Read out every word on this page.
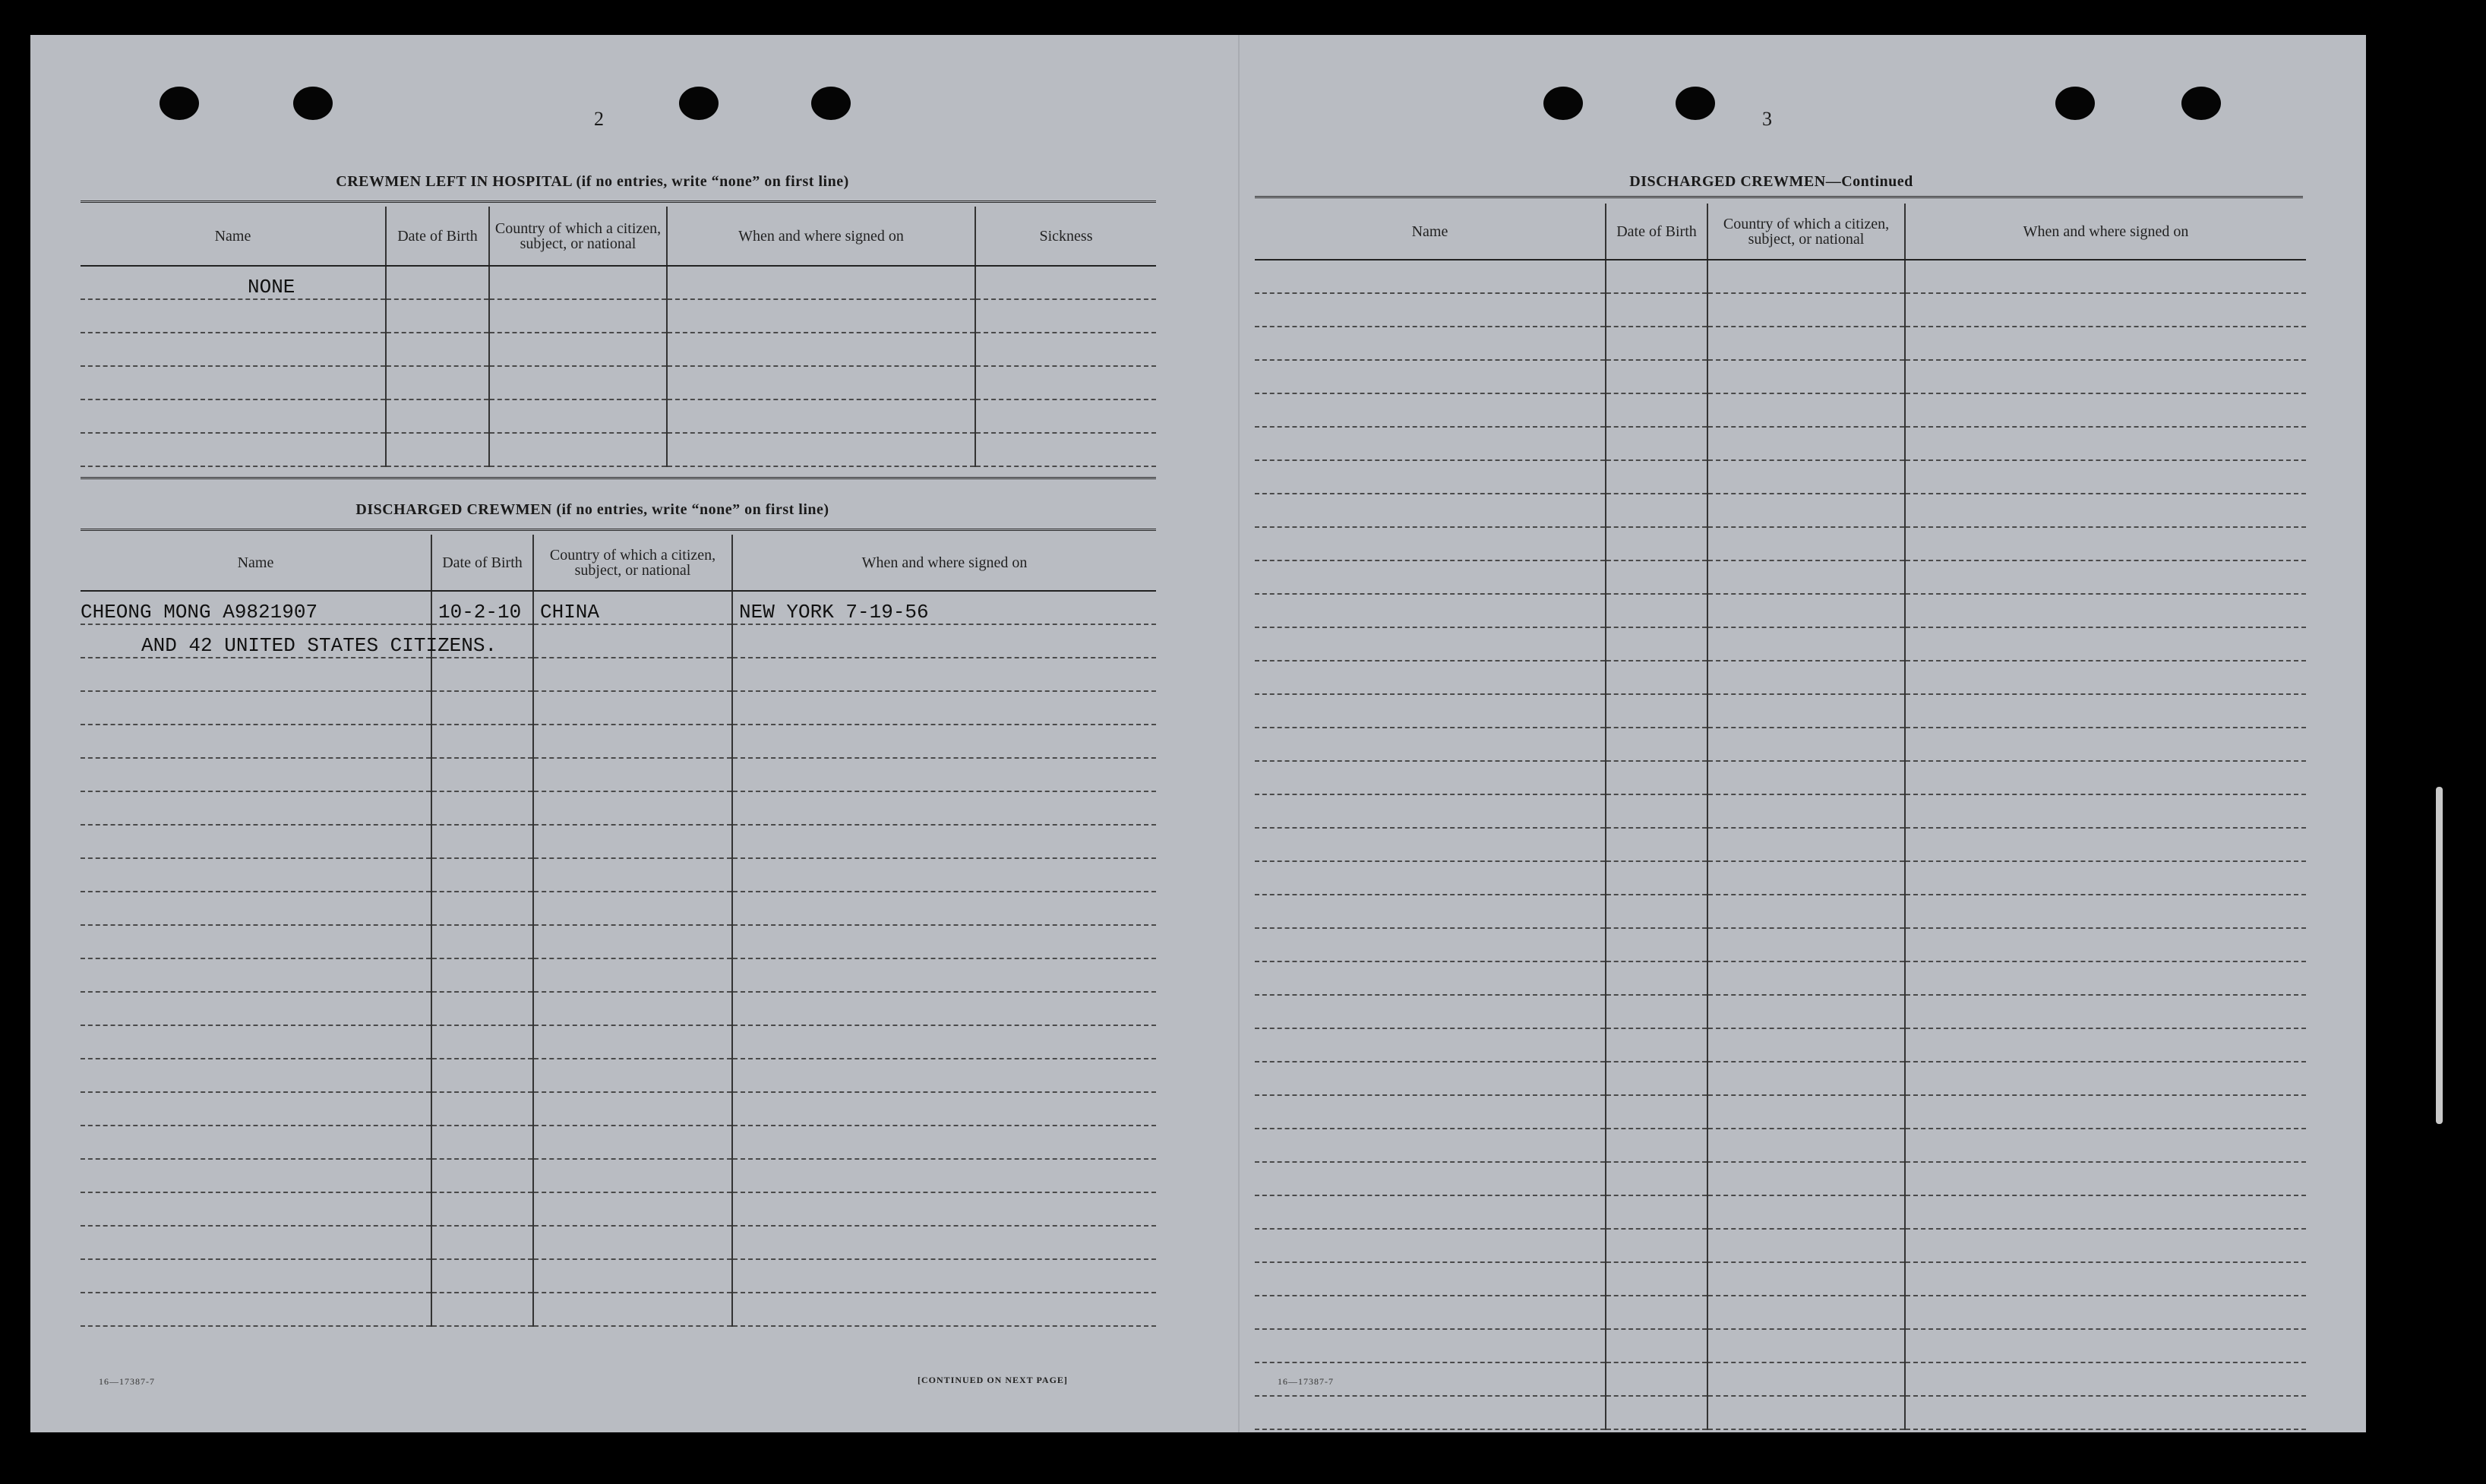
2
CREWMEN LEFT IN HOSPITAL (if no entries, write “none” on first line)
Name	Date of Birth	Country of which a citizen, subject, or national	When and where signed on	Sickness
NONE				

DISCHARGED CREWMEN (if no entries, write “none” on first line)
Name	Date of Birth	Country of which a citizen, subject, or national	When and where signed on
CHEONG MONG A9821907	10-2-10	CHINA	NEW YORK 7-19-56
AND 42 UNITED STATES CITIZENS.			

16—17387-7	[CONTINUED ON NEXT PAGE]
3
DISCHARGED CREWMEN—Continued
Name	Date of Birth	Country of which a citizen, subject, or national	When and where signed on

16—17387-7
